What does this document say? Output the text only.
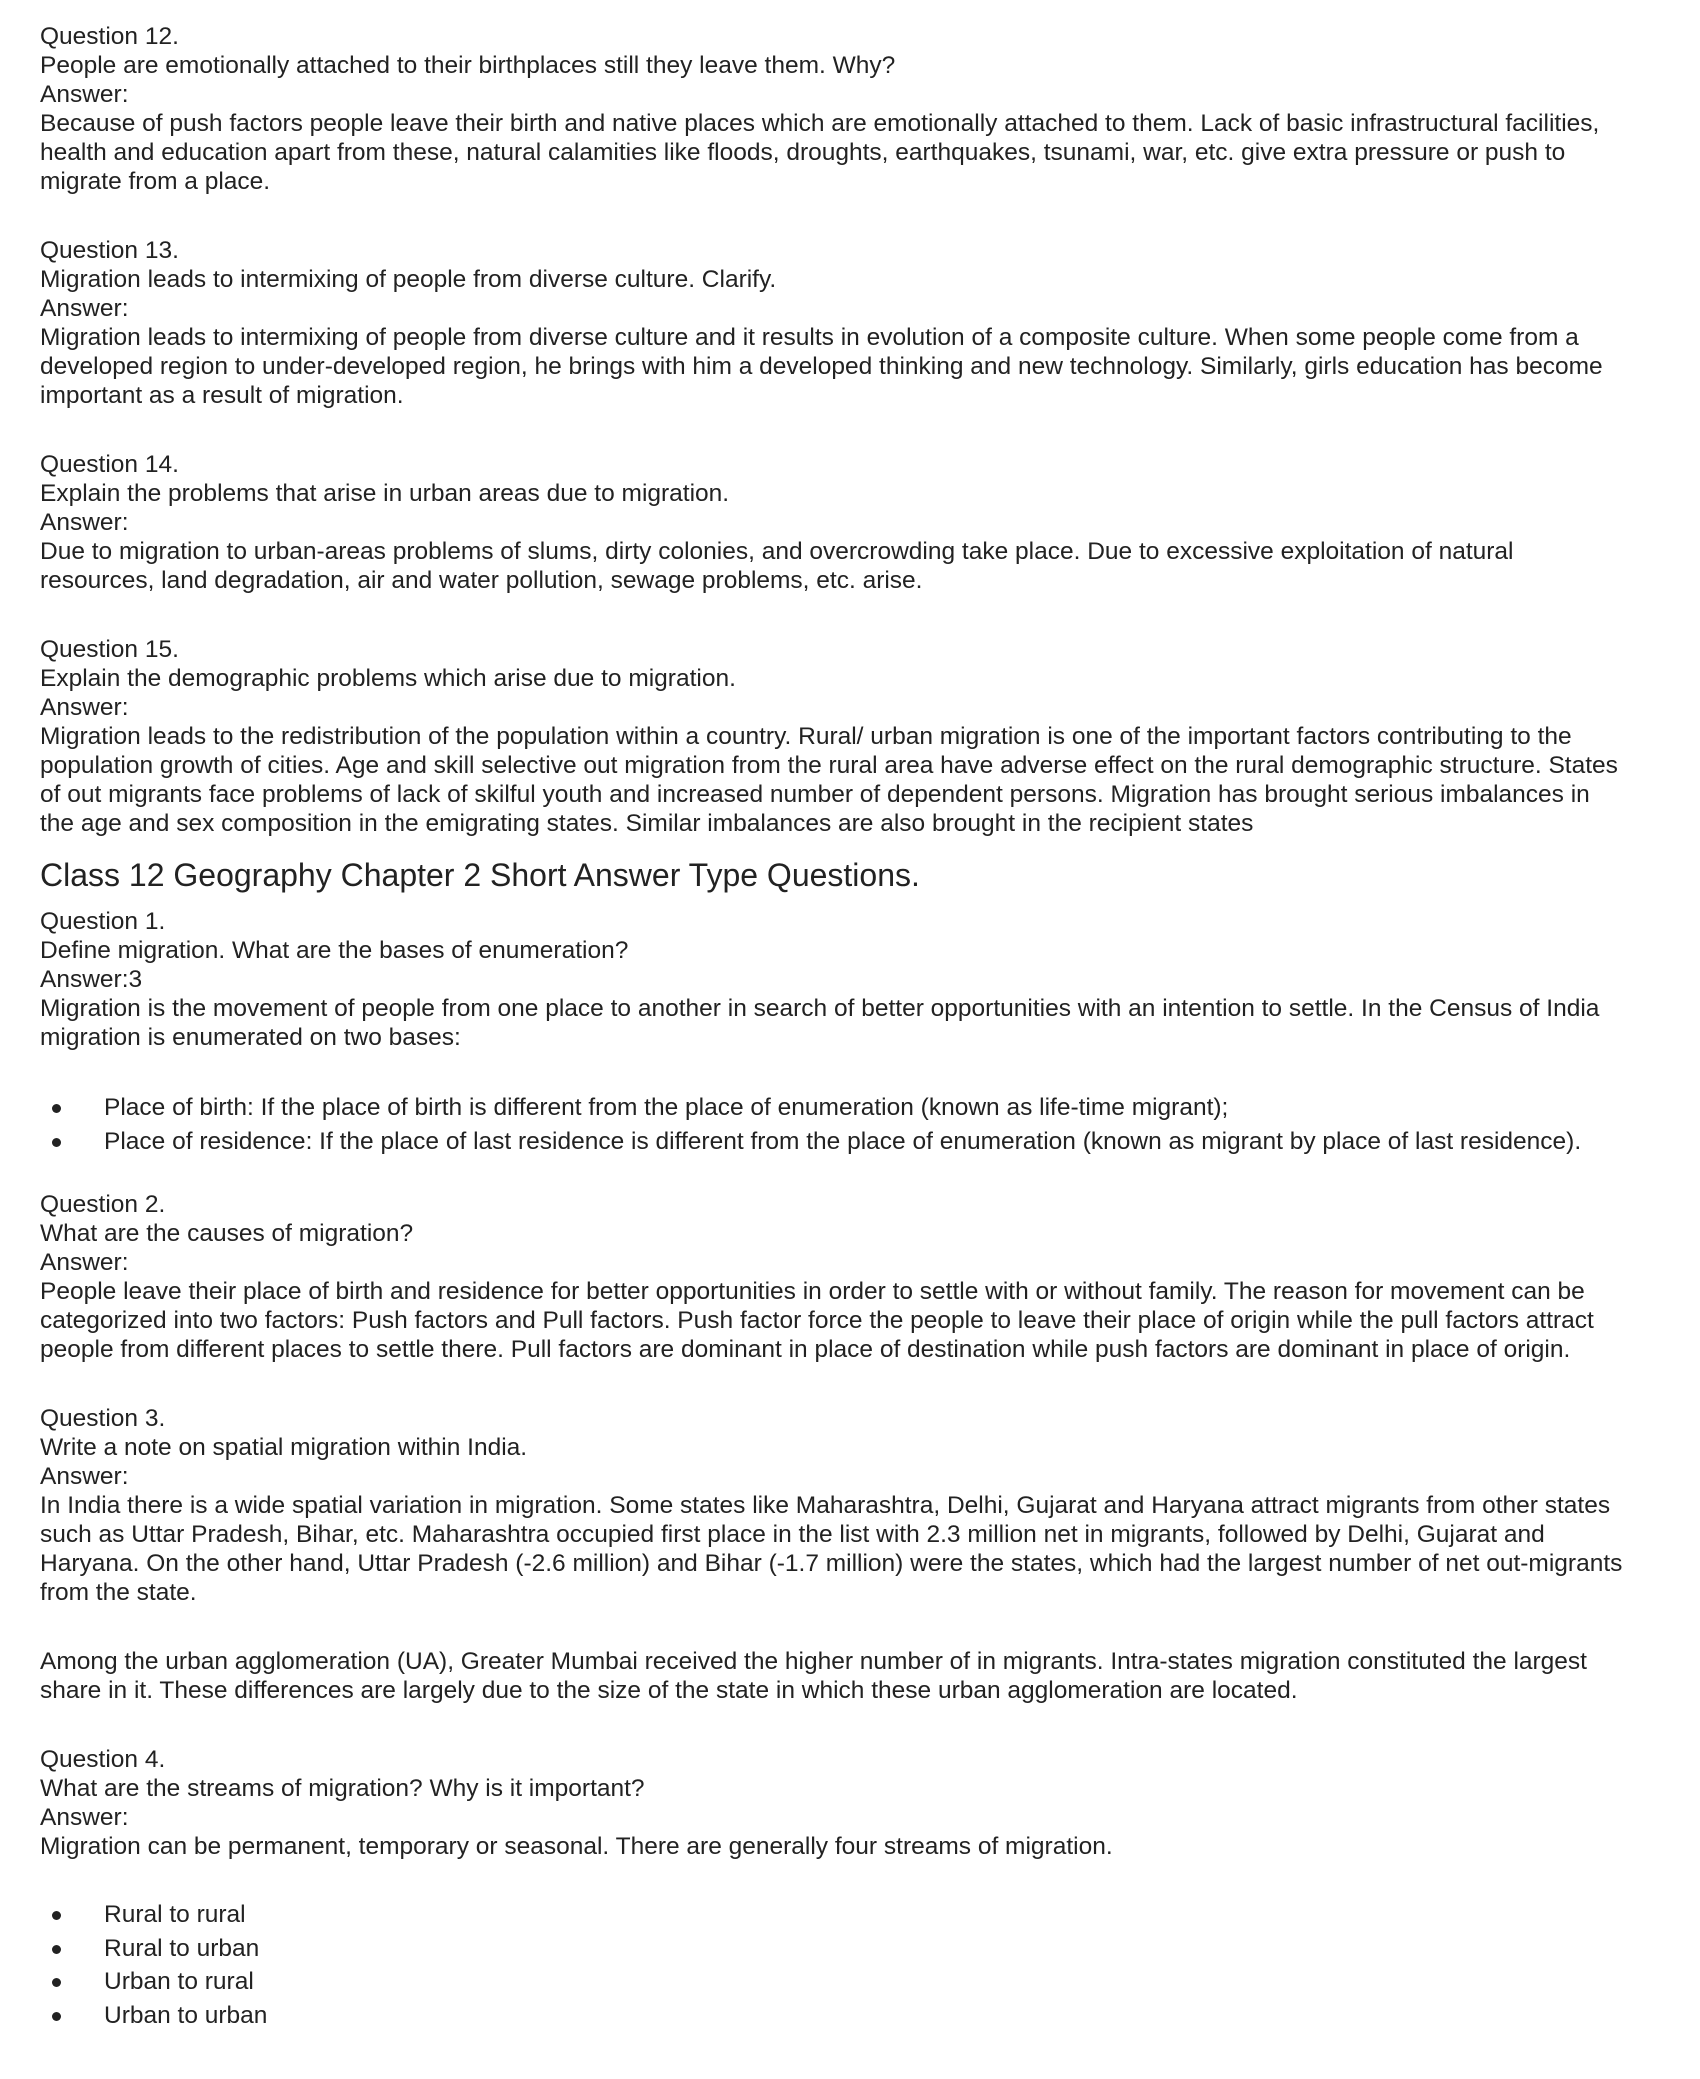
Question 12.

People are emotionally attached to their birthplaces still they leave them. Why?

Answer:

Because of push factors people leave their birth and native places which are emotionally attached to them. Lack of basic infrastructural facilities,

health and education apart from these, natural calamities like floods, droughts, earthquakes, tsunami, war, etc. give extra pressure or push to

migrate from a place.

Question 13.

Migration leads to intermixing of people from diverse culture. Clarify.

Answer:

Migration leads to intermixing of people from diverse culture and it results in evolution of a composite culture. When some people come from a

developed region to under-developed region, he brings with him a developed thinking and new technology. Similarly, girls education has become

important as a result of migration.

Question 14.

Explain the problems that arise in urban areas due to migration.

Answer:

Due to migration to urban-areas problems of slums, dirty colonies, and overcrowding take place. Due to excessive exploitation of natural

resources, land degradation, air and water pollution, sewage problems, etc. arise.

Question 15.

Explain the demographic problems which arise due to migration.

Answer:

Migration leads to the redistribution of the population within a country. Rural/ urban migration is one of the important factors contributing to the

population growth of cities. Age and skill selective out migration from the rural area have adverse effect on the rural demographic structure. States

of out migrants face problems of lack of skilful youth and increased number of dependent persons. Migration has brought serious imbalances in

the age and sex composition in the emigrating states. Similar imbalances are also brought in the recipient states

Class 12 Geography Chapter 2 Short Answer Type Questions.

Question 1.

Define migration. What are the bases of enumeration?

Answer:3

Migration is the movement of people from one place to another in search of better opportunities with an intention to settle. In the Census of India

migration is enumerated on two bases:

Place of birth: If the place of birth is different from the place of enumeration (known as life-time migrant);
Place of residence: If the place of last residence is different from the place of enumeration (known as migrant by place of last residence).

Question 2.

What are the causes of migration?

Answer:

People leave their place of birth and residence for better opportunities in order to settle with or without family. The reason for movement can be

categorized into two factors: Push factors and Pull factors. Push factor force the people to leave their place of origin while the pull factors attract

people from different places to settle there. Pull factors are dominant in place of destination while push factors are dominant in place of origin.

Question 3.

Write a note on spatial migration within India.

Answer:

In India there is a wide spatial variation in migration. Some states like Maharashtra, Delhi, Gujarat and Haryana attract migrants from other states

such as Uttar Pradesh, Bihar, etc. Maharashtra occupied first place in the list with 2.3 million net in migrants, followed by Delhi, Gujarat and

Haryana. On the other hand, Uttar Pradesh (-2.6 million) and Bihar (-1.7 million) were the states, which had the largest number of net out-migrants

from the state.

Among the urban agglomeration (UA), Greater Mumbai received the higher number of in migrants. Intra-states migration constituted the largest

share in it. These differences are largely due to the size of the state in which these urban agglomeration are located.

Question 4.

What are the streams of migration? Why is it important?

Answer:

Migration can be permanent, temporary or seasonal. There are generally four streams of migration.

Rural to rural
Rural to urban
Urban to rural
Urban to urban
